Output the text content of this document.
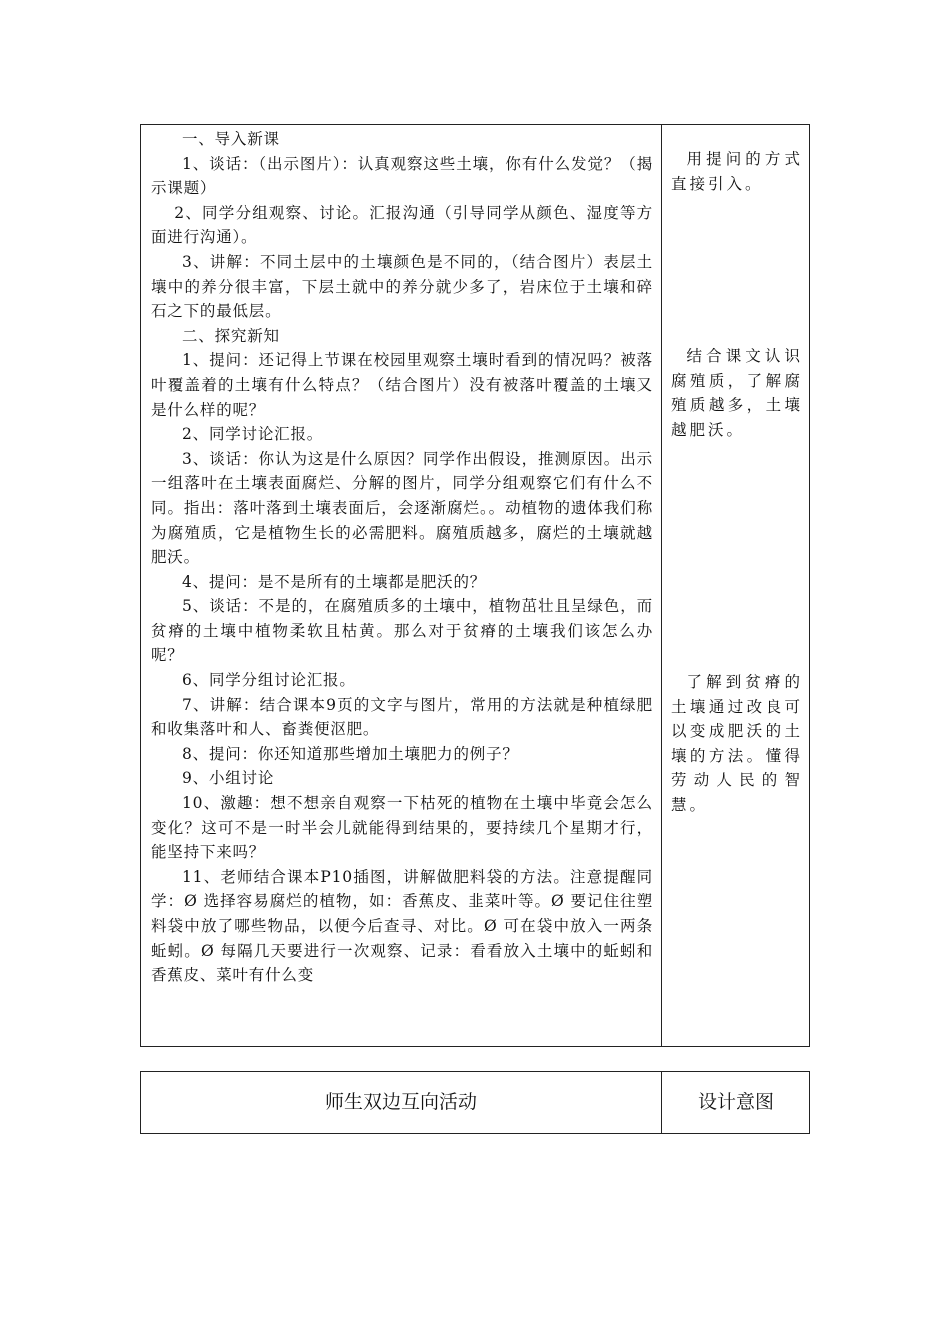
一、导入新课

1、谈话：（出示图片）：认真观察这些土壤，你有什么发觉？（揭示课题）

2、同学分组观察、讨论。汇报沟通（引导同学从颜色、湿度等方面进行沟通）。

3、讲解：不同土层中的土壤颜色是不同的，（结合图片）表层土壤中的养分很丰富，下层土就中的养分就少多了，岩床位于土壤和碎石之下的最低层。

二、探究新知

1、提问：还记得上节课在校园里观察土壤时看到的情况吗？被落叶覆盖着的土壤有什么特点？（结合图片）没有被落叶覆盖的土壤又是什么样的呢？

2、同学讨论汇报。

3、谈话：你认为这是什么原因？同学作出假设，推测原因。出示一组落叶在土壤表面腐烂、分解的图片，同学分组观察它们有什么不同。指出：落叶落到土壤表面后，会逐渐腐烂。。动植物的遗体我们称为腐殖质，它是植物生长的必需肥料。腐殖质越多，腐烂的土壤就越肥沃。

4、提问：是不是所有的土壤都是肥沃的？

5、谈话：不是的，在腐殖质多的土壤中，植物茁壮且呈绿色，而贫瘠的土壤中植物柔软且枯黄。那么对于贫瘠的土壤我们该怎么办呢？

6、同学分组讨论汇报。

7、讲解：结合课本9页的文字与图片，常用的方法就是种植绿肥和收集落叶和人、畜粪便沤肥。

8、提问：你还知道那些增加土壤肥力的例子？

9、小组讨论

10、激趣：想不想亲自观察一下枯死的植物在土壤中毕竟会怎么变化？这可不是一时半会儿就能得到结果的，要持续几个星期才行，能坚持下来吗？

11、老师结合课本P10插图，讲解做肥料袋的方法。注意提醒同学：Ø 选择容易腐烂的植物，如：香蕉皮、韭菜叶等。Ø 要记住往塑料袋中放了哪些物品，以便今后查寻、对比。Ø 可在袋中放入一两条蚯蚓。Ø 每隔几天要进行一次观察、记录：看看放入土壤中的蚯蚓和香蕉皮、菜叶有什么变

用提问的方式直接引入。

结合课文认识腐殖质，了解腐殖质越多，土壤越肥沃。

了解到贫瘠的土壤通过改良可以变成肥沃的土壤的方法。懂得劳动人民的智慧。

师生双边互向活动	设计意图
